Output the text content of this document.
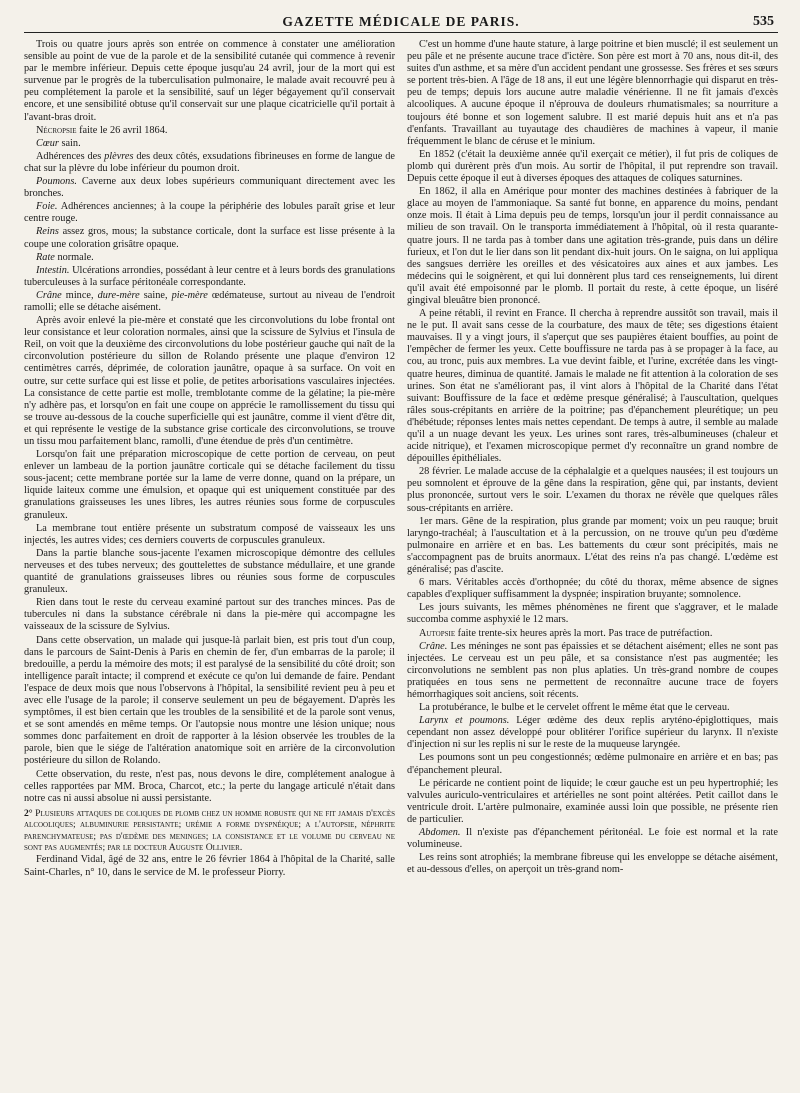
GAZETTE MÉDICALE DE PARIS.	535

Trois ou quatre jours après son entrée on commence à constater une amélioration sensible au point de vue de la parole et de la sensibilité cutanée qui commence à revenir par le membre inférieur. Depuis cette époque jusqu'au 24 avril, jour de la mort qui est survenue par le progrès de la tuberculisation pulmonaire, le malade avait recouvré peu à peu complétement la parole et la sensibilité, sauf un léger bégayement qu'il conservait encore, et une sensibilité obtuse qu'il conservait sur une plaque cicatricielle qu'il portait à l'avant-bras droit.

Nécropsie faite le 26 avril 1864.

Cœur sain.

Adhérences des plèvres des deux côtés, exsudations fibrineuses en forme de langue de chat sur la plèvre du lobe inférieur du poumon droit.

Poumons. Caverne aux deux lobes supérieurs communiquant directement avec les bronches.

Foie. Adhérences anciennes; à la coupe la périphérie des lobules paraît grise et leur centre rouge.

Reins assez gros, mous; la substance corticale, dont la surface est lisse présente à la coupe une coloration grisâtre opaque.

Rate normale.

Intestin. Ulcérations arrondies, possédant à leur centre et à leurs bords des granulations tuberculeuses à la surface péritonéale correspondante.

Crâne mince, dure-mère saine, pie-mère œdémateuse, surtout au niveau de l'endroit ramolli; elle se détache aisément.

Après avoir enlevé la pie-mère et constaté que les circonvolutions du lobe frontal ont leur consistance et leur coloration normales, ainsi que la scissure de Sylvius et l'insula de Reil, on voit que la deuxième des circonvolutions du lobe postérieur gauche qui naît de la circonvolution postérieure du sillon de Rolando présente une plaque d'environ 12 centimètres carrés, déprimée, de coloration jaunâtre, opaque à sa surface. On voit en outre, sur cette surface qui est lisse et polie, de petites arborisations vasculaires injectées. La consistance de cette partie est molle, tremblotante comme de la gélatine; la pie-mère n'y adhère pas, et lorsqu'on en fait une coupe on apprécie le ramollissement du tissu qui se trouve au-dessous de la couche superficielle qui est jaunâtre, comme il vient d'être dit, et qui représente le vestige de la substance grise corticale des circonvolutions, se trouve un tissu mou parfaitement blanc, ramolli, d'une étendue de près d'un centimètre.

Lorsqu'on fait une préparation microscopique de cette portion de cerveau, on peut enlever un lambeau de la portion jaunâtre corticale qui se détache facilement du tissu sous-jacent; cette membrane portée sur la lame de verre donne, quand on la prépare, un liquide laiteux comme une émulsion, et opaque qui est uniquement constituée par des granulations graisseuses les unes libres, les autres réunies sous forme de corpuscules granuleux.

La membrane tout entière présente un substratum composé de vaisseaux les uns injectés, les autres vides; ces derniers couverts de corpuscules granuleux.

Dans la partie blanche sous-jacente l'examen microscopique démontre des cellules nerveuses et des tubes nerveux; des gouttelettes de substance médullaire, et une grande quantité de granulations graisseuses libres ou réunies sous forme de corpuscules granuleux.

Rien dans tout le reste du cerveau examiné partout sur des tranches minces. Pas de tubercules ni dans la substance cérébrale ni dans la pie-mère qui accompagne les vaisseaux de la scissure de Sylvius.

Dans cette observation, un malade qui jusque-là parlait bien, est pris tout d'un coup, dans le parcours de Saint-Denis à Paris en chemin de fer, d'un embarras de la parole; il bredouille, a perdu la mémoire des mots; il est paralysé de la sensibilité du côté droit; son intelligence paraît intacte; il comprend et exécute ce qu'on lui demande de faire. Pendant l'espace de deux mois que nous l'observons à l'hôpital, la sensibilité revient peu à peu et avec elle l'usage de la parole; il conserve seulement un peu de bégayement. D'après les symptômes, il est bien certain que les troubles de la sensibilité et de la parole sont venus, et se sont amendés en même temps. Or l'autopsie nous montre une lésion unique; nous sommes donc parfaitement en droit de rapporter à la lésion observée les troubles de la parole, bien que le siége de l'altération anatomique soit en arrière de la circonvolution postérieure du sillon de Rolando.

Cette observation, du reste, n'est pas, nous devons le dire, complétement analogue à celles rapportées par MM. Broca, Charcot, etc.; la perte du langage articulé n'était dans notre cas ni aussi absolue ni aussi persistante.

2° Plusieurs attaques de coliques de plomb chez un homme robuste qui ne fit jamais d'excès alcooliques; albuminurie persistante; urémie a forme dyspnéique; a l'autopsie, néphrite parenchymateuse; pas d'œdème des meninges; la consistance et le volume du cerveau ne sont pas augmentés; par le docteur Auguste Ollivier.

Ferdinand Vidal, âgé de 32 ans, entre le 26 février 1864 à l'hôpital de la Charité, salle Saint-Charles, n° 10, dans le service de M. le professeur Piorry.

C'est un homme d'une haute stature, à large poitrine et bien musclé; il est seulement un peu pâle et ne présente aucune trace d'ictère. Son père est mort à 70 ans, nous dit-il, des suites d'un asthme, et sa mère d'un accident pendant une grossesse. Ses frères et ses sœurs se portent très-bien. A l'âge de 18 ans, il eut une légère blennorrhagie qui disparut en très-peu de temps; depuis lors aucune autre maladie vénérienne. Il ne fit jamais d'excès alcooliques. A aucune époque il n'éprouva de douleurs rhumatismales; sa nourriture a toujours été bonne et son logement salubre. Il est marié depuis huit ans et n'a pas d'enfants. Travaillant au tuyautage des chaudières de machines à vapeur, il manie fréquemment le blanc de céruse et le minium.

En 1852 (c'était la deuxième année qu'il exerçait ce métier), il fut pris de coliques de plomb qui durèrent près d'un mois. Au sortir de l'hôpital, il put reprendre son travail. Depuis cette époque il eut à diverses époques des attaques de coliques saturnines.

En 1862, il alla en Amérique pour monter des machines destinées à fabriquer de la glace au moyen de l'ammoniaque. Sa santé fut bonne, en apparence du moins, pendant onze mois. Il était à Lima depuis peu de temps, lorsqu'un jour il perdit connaissance au milieu de son travail. On le transporta immédiatement à l'hôpital, où il resta quarante-quatre jours. Il ne tarda pas à tomber dans une agitation très-grande, puis dans un délire furieux, et l'on dut le lier dans son lit pendant dix-huit jours. On le saigna, on lui appliqua des sangsues derrière les oreilles et des vésicatoires aux aines et aux jambes. Les médecins qui le soignèrent, et qui lui donnèrent plus tard ces renseignements, lui dirent qu'il avait été empoisonné par le plomb. Il portait du reste, à cette époque, un liséré gingival bleuâtre bien prononcé.

A peine rétabli, il revint en France. Il chercha à reprendre aussitôt son travail, mais il ne le put. Il avait sans cesse de la courbature, des maux de tête; ses digestions étaient mauvaises. Il y a vingt jours, il s'aperçut que ses paupières étaient bouffies, au point de l'empêcher de fermer les yeux. Cette bouffissure ne tarda pas à se propager à la face, au cou, au tronc, puis aux membres. La vue devint faible, et l'urine, excrétée dans les vingt-quatre heures, diminua de quantité. Jamais le malade ne fit attention à la coloration de ses urines. Son état ne s'améliorant pas, il vint alors à l'hôpital de la Charité dans l'état suivant: Bouffissure de la face et œdème presque généralisé; à l'auscultation, quelques râles sous-crépitants en arrière de la poitrine; pas d'épanchement pleurétique; un peu d'hébétude; réponses lentes mais nettes cependant. De temps à autre, il semble au malade qu'il a un nuage devant les yeux. Les urines sont rares, très-albumineuses (chaleur et acide nitrique), et l'examen microscopique permet d'y reconnaître un grand nombre de dépouilles épithéliales.

28 février. Le malade accuse de la céphalalgie et a quelques nausées; il est toujours un peu somnolent et éprouve de la gêne dans la respiration, gêne qui, par instants, devient plus prononcée, surtout vers le soir. L'examen du thorax ne révèle que quelques râles sous-crépitants en arrière.

1er mars. Gêne de la respiration, plus grande par moment; voix un peu rauque; bruit laryngo-trachéal; à l'auscultation et à la percussion, on ne trouve qu'un peu d'œdème pulmonaire en arrière et en bas. Les battements du cœur sont précipités, mais ne s'accompagnent pas de bruits anormaux. L'état des reins n'a pas changé. L'œdème est généralisé; pas d'ascite.

6 mars. Véritables accès d'orthopnée; du côté du thorax, même absence de signes capables d'expliquer suffisamment la dyspnée; inspiration bruyante; somnolence.

Les jours suivants, les mêmes phénomènes ne firent que s'aggraver, et le malade succomba comme asphyxié le 12 mars.

Autopsie faite trente-six heures après la mort. Pas trace de putréfaction.

Crâne. Les méninges ne sont pas épaissies et se détachent aisément; elles ne sont pas injectées. Le cerveau est un peu pâle, et sa consistance n'est pas augmentée; les circonvolutions ne semblent pas non plus aplaties. Un très-grand nombre de coupes pratiquées en tous sens ne permettent de reconnaître aucune trace de foyers hémorrhagiques soit anciens, soit récents.

La protubérance, le bulbe et le cervelet offrent le même état que le cerveau.

Larynx et poumons. Léger œdème des deux replis aryténo-épiglottiques, mais cependant non assez développé pour oblitérer l'orifice supérieur du larynx. Il n'existe d'injection ni sur les replis ni sur le reste de la muqueuse laryngée.

Les poumons sont un peu congestionnés; œdème pulmonaire en arrière et en bas; pas d'épanchement pleural.

Le péricarde ne contient point de liquide; le cœur gauche est un peu hypertrophié; les valvules auriculo-ventriculaires et artérielles ne sont point altérées. Petit caillot dans le ventricule droit. L'artère pulmonaire, examinée aussi loin que possible, ne présente rien de particulier.

Abdomen. Il n'existe pas d'épanchement péritonéal. Le foie est normal et la rate volumineuse.

Les reins sont atrophiés; la membrane fibreuse qui les enveloppe se détache aisément, et au-dessous d'elles, on aperçoit un très-grand nom-
